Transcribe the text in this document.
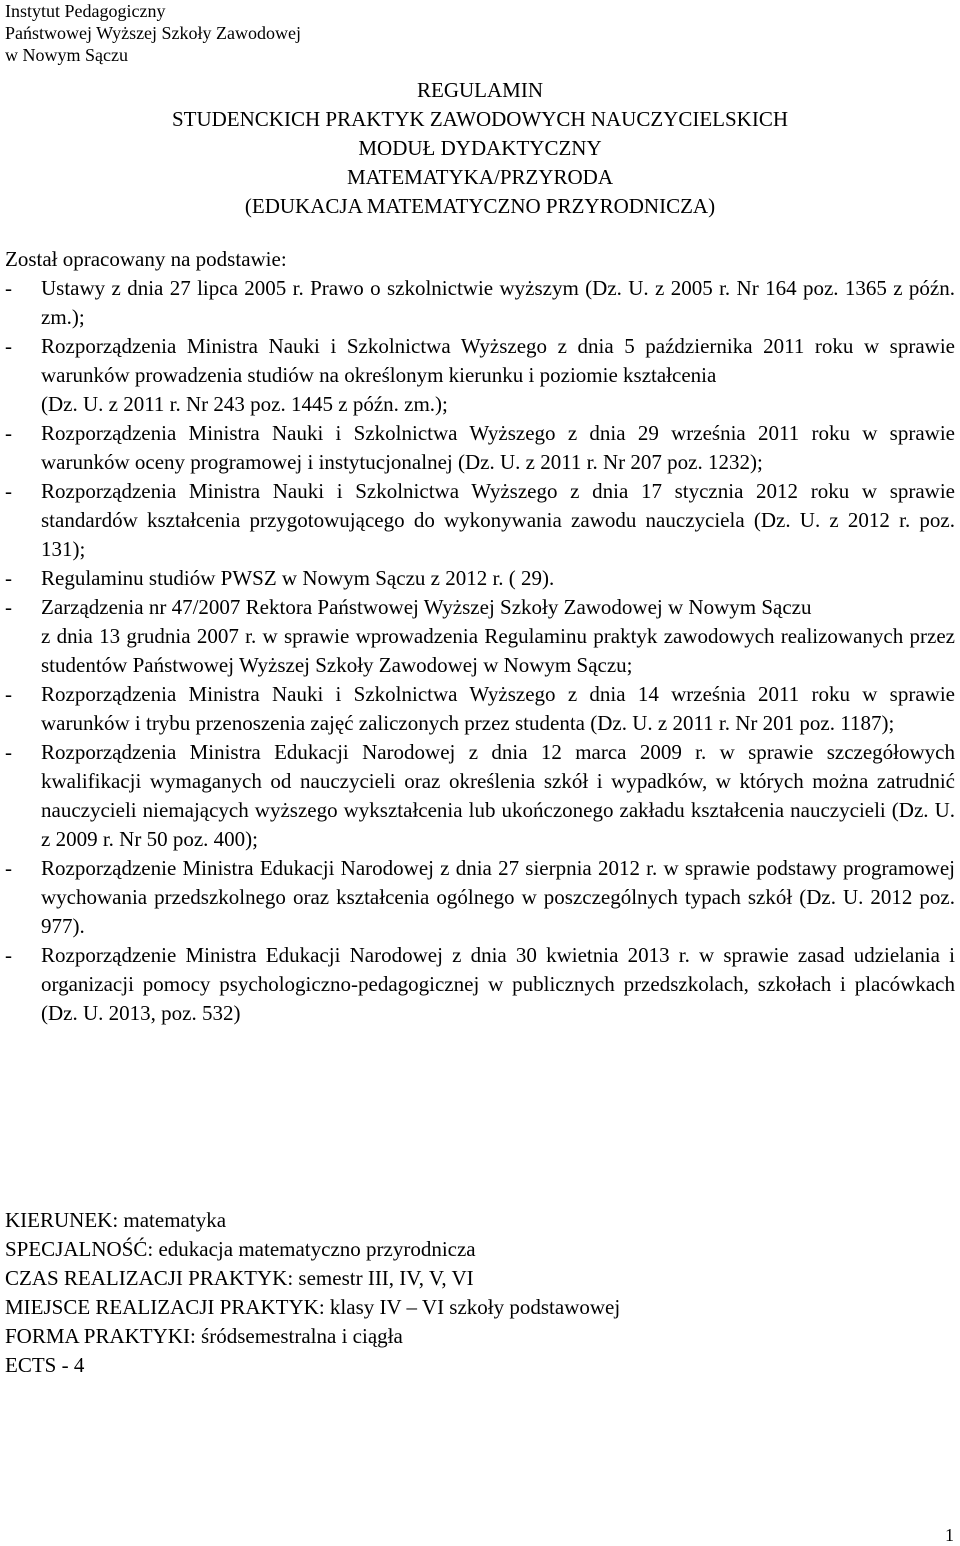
Instytut Pedagogiczny
Państwowej Wyższej Szkoły Zawodowej
w Nowym Sączu
REGULAMIN
STUDENCKICH PRAKTYK ZAWODOWYCH NAUCZYCIELSKICH
MODUŁ DYDAKTYCZNY
MATEMATYKA/PRZYRODA
(EDUKACJA MATEMATYCZNO PRZYRODNICZA)
Został opracowany na podstawie:
- Ustawy z dnia 27 lipca 2005 r. Prawo o szkolnictwie wyższym (Dz. U. z 2005 r. Nr 164 poz. 1365 z późn. zm.);
- Rozporządzenia Ministra Nauki i Szkolnictwa Wyższego z dnia 5 października 2011 roku w sprawie warunków prowadzenia studiów na określonym kierunku i poziomie kształcenia
(Dz. U. z 2011 r. Nr 243 poz. 1445 z późn. zm.);
- Rozporządzenia Ministra Nauki i Szkolnictwa Wyższego z dnia 29 września 2011 roku w sprawie warunków oceny programowej i instytucjonalnej (Dz. U. z 2011 r. Nr 207 poz. 1232);
- Rozporządzenia Ministra Nauki i Szkolnictwa Wyższego z dnia 17 stycznia 2012 roku w sprawie standardów kształcenia przygotowującego do wykonywania zawodu nauczyciela (Dz. U. z 2012 r. poz. 131);
- Regulaminu studiów PWSZ w Nowym Sączu z 2012 r. ( 29).
- Zarządzenia nr 47/2007 Rektora Państwowej Wyższej Szkoły Zawodowej w Nowym Sączu
z dnia 13 grudnia 2007 r. w sprawie wprowadzenia Regulaminu praktyk zawodowych realizowanych przez studentów Państwowej Wyższej Szkoły Zawodowej w Nowym Sączu;
- Rozporządzenia Ministra Nauki i Szkolnictwa Wyższego z dnia 14 września 2011 roku w sprawie warunków i trybu przenoszenia zajęć zaliczonych przez studenta (Dz. U. z 2011 r. Nr 201 poz. 1187);
- Rozporządzenia Ministra Edukacji Narodowej z dnia 12 marca 2009 r. w sprawie szczegółowych kwalifikacji wymaganych od nauczycieli oraz określenia szkół i wypadków, w których można zatrudnić nauczycieli niemających wyższego wykształcenia lub ukończonego zakładu kształcenia nauczycieli (Dz. U. z 2009 r. Nr 50 poz. 400);
- Rozporządzenie Ministra Edukacji Narodowej z dnia 27 sierpnia 2012 r. w sprawie podstawy programowej wychowania przedszkolnego oraz kształcenia ogólnego w poszczególnych typach szkół (Dz. U. 2012 poz. 977).
- Rozporządzenie Ministra Edukacji Narodowej z dnia 30 kwietnia 2013 r. w sprawie zasad udzielania i organizacji pomocy psychologiczno-pedagogicznej w publicznych przedszkolach, szkołach i placówkach (Dz. U. 2013, poz. 532)
KIERUNEK: matematyka
SPECJALNOŚĆ: edukacja matematyczno przyrodnicza
CZAS REALIZACJI PRAKTYK: semestr III, IV, V, VI
MIEJSCE REALIZACJI PRAKTYK: klasy IV – VI szkoły podstawowej
FORMA PRAKTYKI: śródsemestralna i ciągła
ECTS - 4
1
